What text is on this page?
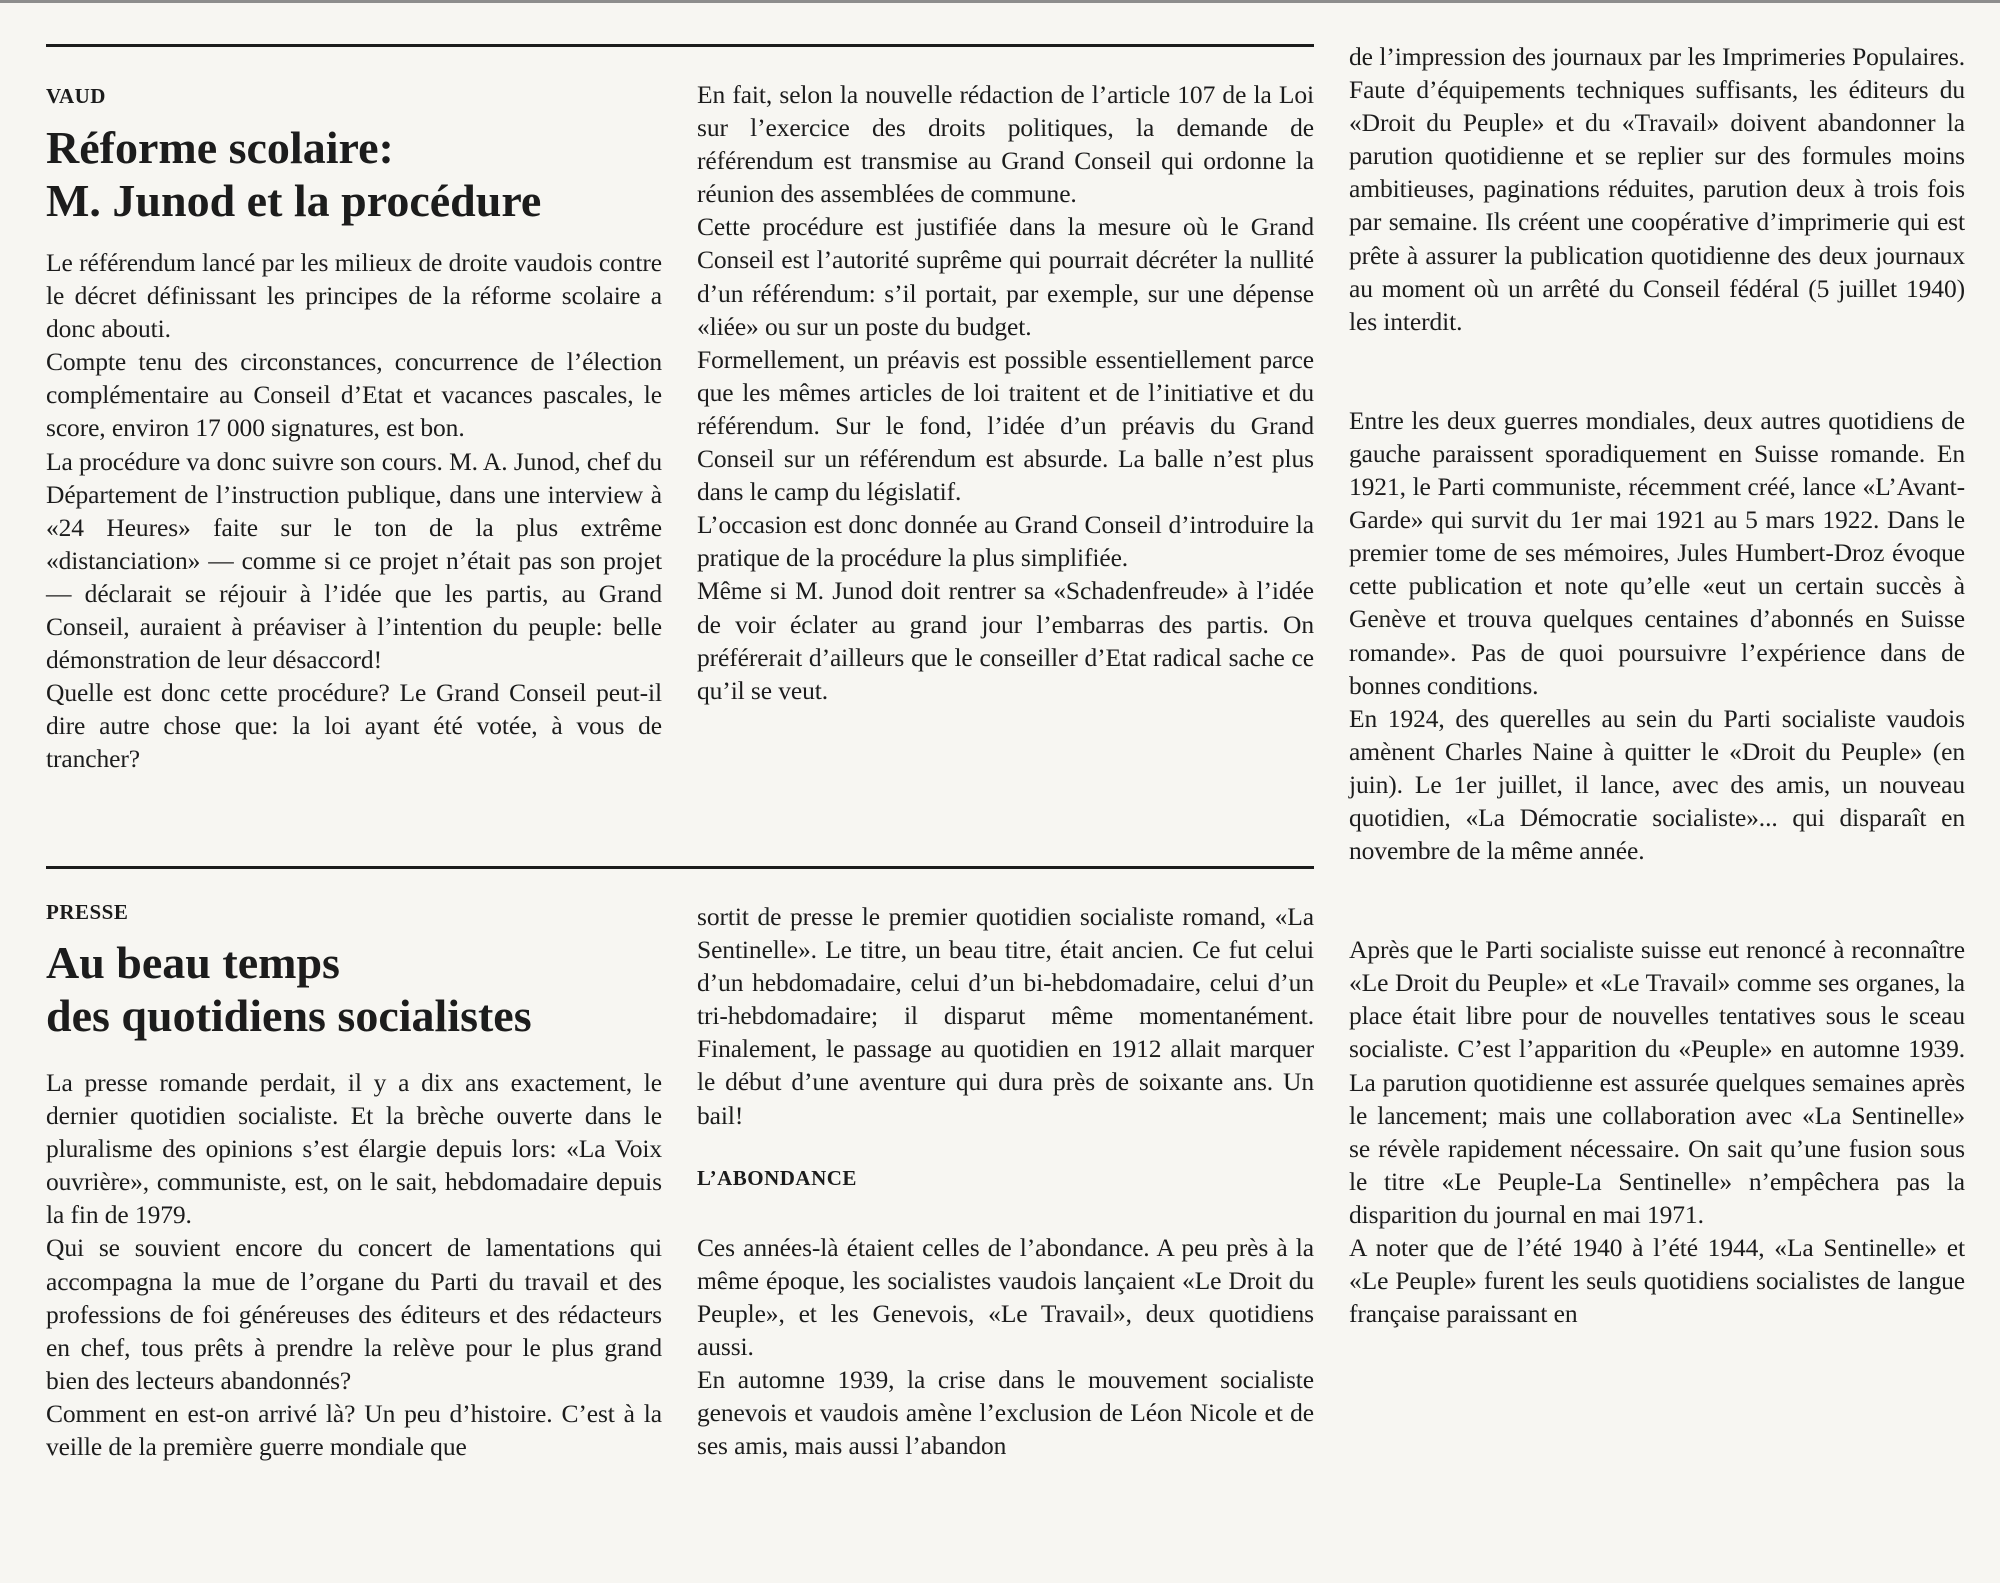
VAUD
Réforme scolaire:
M. Junod et la procédure

Le référendum lancé par les milieux de droite vaudois contre le décret définissant les principes de la réforme scolaire a donc abouti.

Compte tenu des circonstances, concurrence de l’élection complémentaire au Conseil d’Etat et vacances pascales, le score, environ 17 000 signatures, est bon.

La procédure va donc suivre son cours. M. A. Junod, chef du Département de l’instruction publique, dans une interview à «24 Heures» faite sur le ton de la plus extrême «distanciation» — comme si ce projet n’était pas son projet — déclarait se réjouir à l’idée que les partis, au Grand Conseil, auraient à préaviser à l’intention du peuple: belle démonstration de leur désaccord!

Quelle est donc cette procédure? Le Grand Conseil peut-il dire autre chose que: la loi ayant été votée, à vous de trancher?

En fait, selon la nouvelle rédaction de l’article 107 de la Loi sur l’exercice des droits politiques, la demande de référendum est transmise au Grand Conseil qui ordonne la réunion des assemblées de commune.

Cette procédure est justifiée dans la mesure où le Grand Conseil est l’autorité suprême qui pourrait décréter la nullité d’un référendum: s’il portait, par exemple, sur une dépense «liée» ou sur un poste du budget.

Formellement, un préavis est possible essentiellement parce que les mêmes articles de loi traitent et de l’initiative et du référendum. Sur le fond, l’idée d’un préavis du Grand Conseil sur un référendum est absurde. La balle n’est plus dans le camp du législatif.

L’occasion est donc donnée au Grand Conseil d’introduire la pratique de la procédure la plus simplifiée.

Même si M. Junod doit rentrer sa «Schadenfreude» à l’idée de voir éclater au grand jour l’embarras des partis. On préférerait d’ailleurs que le conseiller d’Etat radical sache ce qu’il se veut.

PRESSE
Au beau temps
des quotidiens socialistes

La presse romande perdait, il y a dix ans exactement, le dernier quotidien socialiste. Et la brèche ouverte dans le pluralisme des opinions s’est élargie depuis lors: «La Voix ouvrière», communiste, est, on le sait, hebdomadaire depuis la fin de 1979.

Qui se souvient encore du concert de lamentations qui accompagna la mue de l’organe du Parti du travail et des professions de foi généreuses des éditeurs et des rédacteurs en chef, tous prêts à prendre la relève pour le plus grand bien des lecteurs abandonnés?

Comment en est-on arrivé là? Un peu d’histoire. C’est à la veille de la première guerre mondiale que

sortit de presse le premier quotidien socialiste romand, «La Sentinelle». Le titre, un beau titre, était ancien. Ce fut celui d’un hebdomadaire, celui d’un bi-hebdomadaire, celui d’un tri-hebdomadaire; il disparut même momentanément. Finalement, le passage au quotidien en 1912 allait marquer le début d’une aventure qui dura près de soixante ans. Un bail!

L’ABONDANCE

Ces années-là étaient celles de l’abondance. A peu près à la même époque, les socialistes vaudois lançaient «Le Droit du Peuple», et les Genevois, «Le Travail», deux quotidiens aussi.

En automne 1939, la crise dans le mouvement socialiste genevois et vaudois amène l’exclusion de Léon Nicole et de ses amis, mais aussi l’abandon

de l’impression des journaux par les Imprimeries Populaires. Faute d’équipements techniques suffisants, les éditeurs du «Droit du Peuple» et du «Travail» doivent abandonner la parution quotidienne et se replier sur des formules moins ambitieuses, paginations réduites, parution deux à trois fois par semaine. Ils créent une coopérative d’imprimerie qui est prête à assurer la publication quotidienne des deux journaux au moment où un arrêté du Conseil fédéral (5 juillet 1940) les interdit.

Entre les deux guerres mondiales, deux autres quotidiens de gauche paraissent sporadiquement en Suisse romande. En 1921, le Parti communiste, récemment créé, lance «L’Avant-Garde» qui survit du 1er mai 1921 au 5 mars 1922. Dans le premier tome de ses mémoires, Jules Humbert-Droz évoque cette publication et note qu’elle «eut un certain succès à Genève et trouva quelques centaines d’abonnés en Suisse romande». Pas de quoi poursuivre l’expérience dans de bonnes conditions.

En 1924, des querelles au sein du Parti socialiste vaudois amènent Charles Naine à quitter le «Droit du Peuple» (en juin). Le 1er juillet, il lance, avec des amis, un nouveau quotidien, «La Démocratie socialiste»... qui disparaît en novembre de la même année.

Après que le Parti socialiste suisse eut renoncé à reconnaître «Le Droit du Peuple» et «Le Travail» comme ses organes, la place était libre pour de nouvelles tentatives sous le sceau socialiste. C’est l’apparition du «Peuple» en automne 1939. La parution quotidienne est assurée quelques semaines après le lancement; mais une collaboration avec «La Sentinelle» se révèle rapidement nécessaire. On sait qu’une fusion sous le titre «Le Peuple-La Sentinelle» n’empêchera pas la disparition du journal en mai 1971.

A noter que de l’été 1940 à l’été 1944, «La Sentinelle» et «Le Peuple» furent les seuls quotidiens socialistes de langue française paraissant en
